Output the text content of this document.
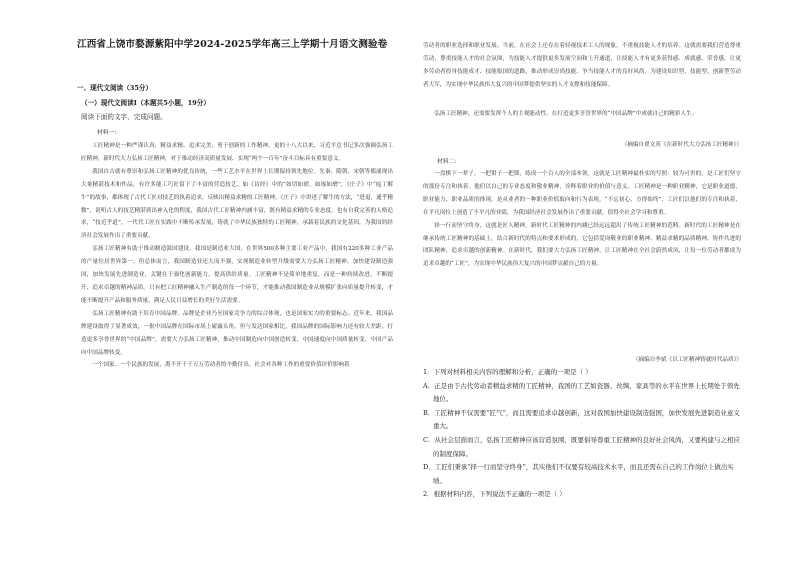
江西省上饶市婺源紫阳中学2024-2025学年高三上学期十月语文测验卷
一、现代文阅读（35分）
（一）现代文阅读Ⅰ（本题共5小题，19分）
阅读下面的文字，完成问题。
材料一：

工匠精神是一种严谨认真、精益求精、追求完美、勇于创新的工作精神，更的十八大以来，习近平总书记多次强调弘扬工匠精神，新时代大力弘扬工匠精神，对于推动经济高质量发展、实现“两个一百年”奋斗目标具有重要意义。

我国自古就有尊崇和弘扬工匠精神的优良传统，一些工艺水平在世界上长期保持领先地位。先秦、隋朝、宋朝等都涌现出大量精湛技术和作品，有许多能工巧匠留下了丰富的营造技艺，如《诗经》中的“如切如磋，如琢如磨”，《庄子》中“庖丁解牛”的故事，都体现了古代工匠对技艺的执着追求，反映出精益求精的工匠精神。《庄子》中讲述了解牛的方法，“进退，通乎精微”，说明古人的技艺精湛到出神入化的程度，我国古代工匠精神内涵丰富，既有精益求精的专业态度，也有自我完善的人格追求，“技近乎道”，一代代工匠在实践中不断传承发展，铸就了中华民族独特的工匠精神，承载着民族的文化基因，为我国的经济社会发展作出了重要贡献。

弘扬工匠精神有助于推动制造强国建设。我国是制造业大国，在世界500多种主要工业产品中，我国有220多种工业产品的产量位居世界第一。但总体而言，我国制造业还大而不强，实现制造业转型升级需要大力弘扬工匠精神。加快建设制造强国，加快发展先进制造业，关键在于强化创新能力，提高供给质量。工匠精神不是简单地重复，而是一种持续改进、不断提升、追求卓越的精神品质。只有把工匠精神融入生产制造的每一个环节，才能推动我国制造业从规模扩张向质量提升转变，才能不断提升产品和服务质量，满足人民日益增长的美好生活需要。

弘扬工匠精神有助于培育中国品牌。品牌是企业乃至国家竞争力的综合体现，也是国家实力的重要标志。近年来，我国品牌建设取得了显著成效，一批中国品牌在国际市场上崭露头角，但与发达国家相比，我国品牌的国际影响力还有较大差距。打造更多享誉世界的“中国品牌”，需要大力弘扬工匠精神，推动中国制造向中国创造转变、中国速度向中国质量转变、中国产品向中国品牌转变。

一个国家、一个民族的发展，离不开千千万万劳动者的辛勤付出。社会对各种工作的重要价值评价影响着

劳动者的职业选择和职业发展。当前，在社会上还存在着轻视技术工人的现象，不重视技能人才的培养。这就需要我们营造尊重劳动、尊重技能人才的社会氛围，为技能人才提供更多发展空间和上升通道，让技能人才有更多获得感、成就感、荣誉感，让更多劳动者投身技能成才、技能报国的道路，推动形成崇尚技能、争当技能人才的良好风尚，为建设知识型、技能型、创新型劳动者大军，为实现中华民族伟大复兴的中国梦提供坚实的人才支撑和技能保障。

弘扬工匠精神，还需要发挥个人的主观能动性，在打造更多享誉世界的“中国品牌”中成就自己的精彩人生。

（摘编自翟文英《在新时代大力弘扬工匠精神》）
材料二：

一盘棋下一辈子，一把钳子一把锁，练成一个百人的全部本领。这就是工匠精神最朴实的写照：较为可贵的，是工匠们坚守的那份专注和执着。他们以自己的专业态度和敬业精神，诠释着职业的价值与意义。工匠精神是一种职业精神，它是职业道德、职业能力、职业品质的体现，是从业者的一种职业价值取向和行为表现。“不忘初心，方得始终”，工匠们以他们的专注和执着，在平凡岗位上创造了不平凡的业绩，为我国经济社会发展作出了重要贡献，值得全社会学习和尊重。

择一行而坚守终身，这就是匠人精神。新时代工匠精神的内涵已经远远超出了传统工匠精神的范畴。新时代的工匠精神是在继承传统工匠精神的基础上，结合新时代的特点和要求形成的，它包括爱岗敬业的职业精神、精益求精的品质精神、协作共进的团队精神、追求卓越的创新精神。在新时代，我们要大力弘扬工匠精神，让工匠精神在全社会蔚然成风，让每一位劳动者都成为追求卓越的“工匠”，为实现中华民族伟大复兴的中国梦贡献自己的力量。

（摘编自李斌《以工匠精神铸就时代品质》）

1．下列对材料相关内容的理解和分析，正确的一项是（ ）

A．正是由于古代劳动者精益求精的工匠精神，我国的工艺如瓷器、丝绸、家具等的水平在世界上长期处于领先地位。

B．工匠精神不仅需要“匠气”，而且需要追求卓越创新，这对我国加快建设制造强国，加快发展先进制造业意义重大。

C．从社会层面而言，弘扬工匠精神应该营造氛围，既要倡导尊重工匠精神的良好社会风尚，又要构建与之相应的制度保障。

D．工匠们秉承“择一行而坚守终身”，其实他们不仅要有较高技术水平，而且还需在自己的工作岗位上做出实绩。

2．根据材料内容，下列说法不正确的一项是（ ）
